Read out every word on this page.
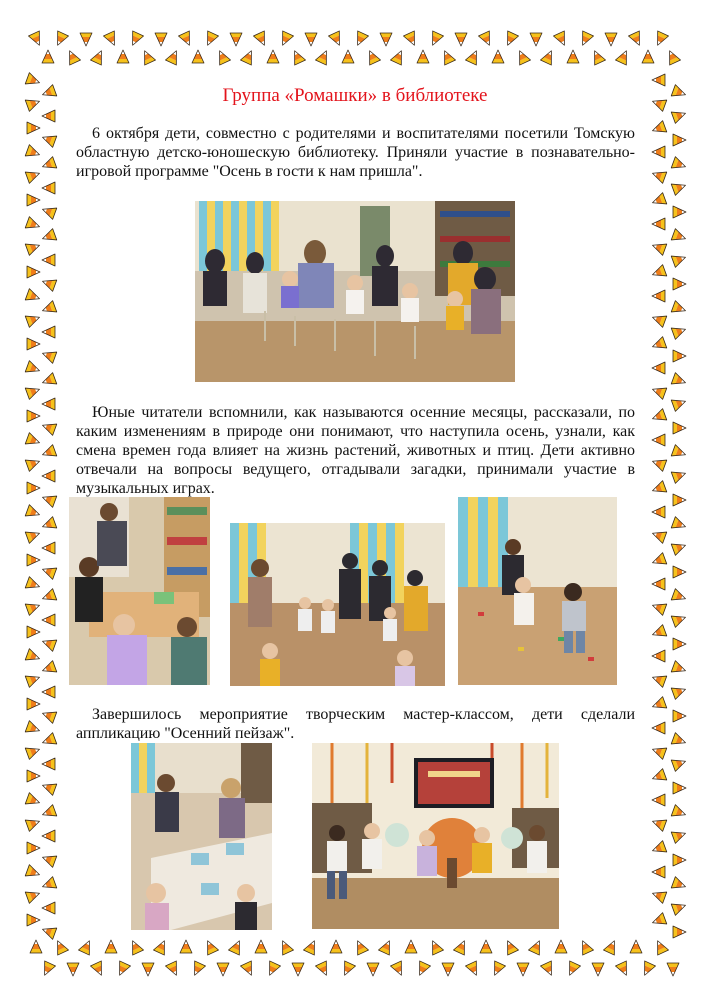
Группа «Ромашки» в библиотеке

6 октября дети, совместно с родителями и воспитателями посетили Томскую областную детско-юношескую библиотеку. Приняли участие в познавательно-игровой программе "Осень в гости к нам пришла".

Юные читатели вспомнили, как называются осенние месяцы, рассказали, по каким изменениям в природе они понимают, что наступила осень, узнали, как смена времен года влияет на жизнь растений, животных и птиц. Дети активно отвечали на вопросы ведущего, отгадывали загадки, принимали участие в музыкальных играх.

Завершилось мероприятие творческим мастер-классом, дети сделали аппликацию "Осенний пейзаж".
